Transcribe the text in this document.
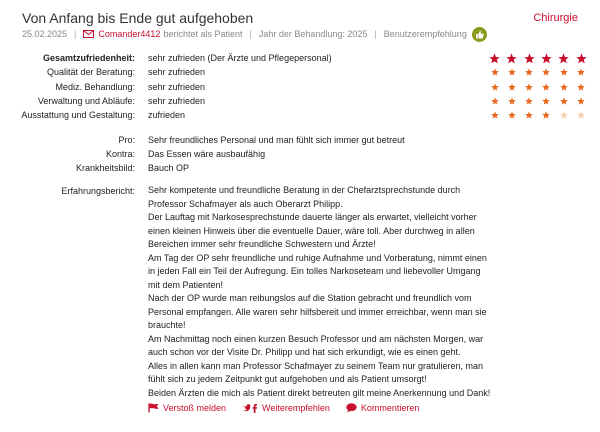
Von Anfang bis Ende gut aufgehoben	Chirurgie
25.02.2025 | Comander4412 berichtet als Patient | Jahr der Behandlung: 2025 | Benutzerempfehlung
Gesamtzufriedenheit: sehr zufrieden (Der Ärzte und Pflegepersonal)
Qualität der Beratung: sehr zufrieden
Mediz. Behandlung: sehr zufrieden
Verwaltung und Abläufe: sehr zufrieden
Ausstattung und Gestaltung: zufrieden
Pro: Sehr freundliches Personal und man fühlt sich immer gut betreut
Kontra: Das Essen wäre ausbaufähig
Krankheitsbild: Bauch OP
Erfahrungsbericht: Sehr kompetente und freundliche Beratung in der Chefarztsprechstunde durch

Professor Schafmayer als auch Oberarzt Philipp.

Der Lauftag mit Narkosesprechstunde dauerte länger als erwartet, vielleicht vorher

einen kleinen Hinweis über die eventuelle Dauer, wäre toll. Aber durchweg in allen

Bereichen immer sehr freundliche Schwestern und Ärzte!

Am Tag der OP sehr freundliche und ruhige Aufnahme und Vorberatung, nimmt einen

in jeden Fall ein Teil der Aufregung. Ein tolles Narkoseteam und liebevoller Umgang

mit dem Patienten!

Nach der OP wurde man reibungslos auf die Station gebracht und freundlich vom

Personal empfangen. Alle waren sehr hilfsbereit und immer erreichbar, wenn man sie

brauchte!

Am Nachmittag noch einen kurzen Besuch Professor und am nächsten Morgen, war

auch schon vor der Visite Dr. Philipp und hat sich erkundigt, wie es einen geht.

Alles in allen kann man Professor Schafmayer zu seinem Team nur gratulieren, man

fühlt sich zu jedem Zeitpunkt gut aufgehoben und als Patient umsorgt!

Beiden Ärzten die mich als Patient direkt betreuten gilt meine Anerkennung und Dank!

Verstoß melden	Weiterempfehlen	Kommentieren
